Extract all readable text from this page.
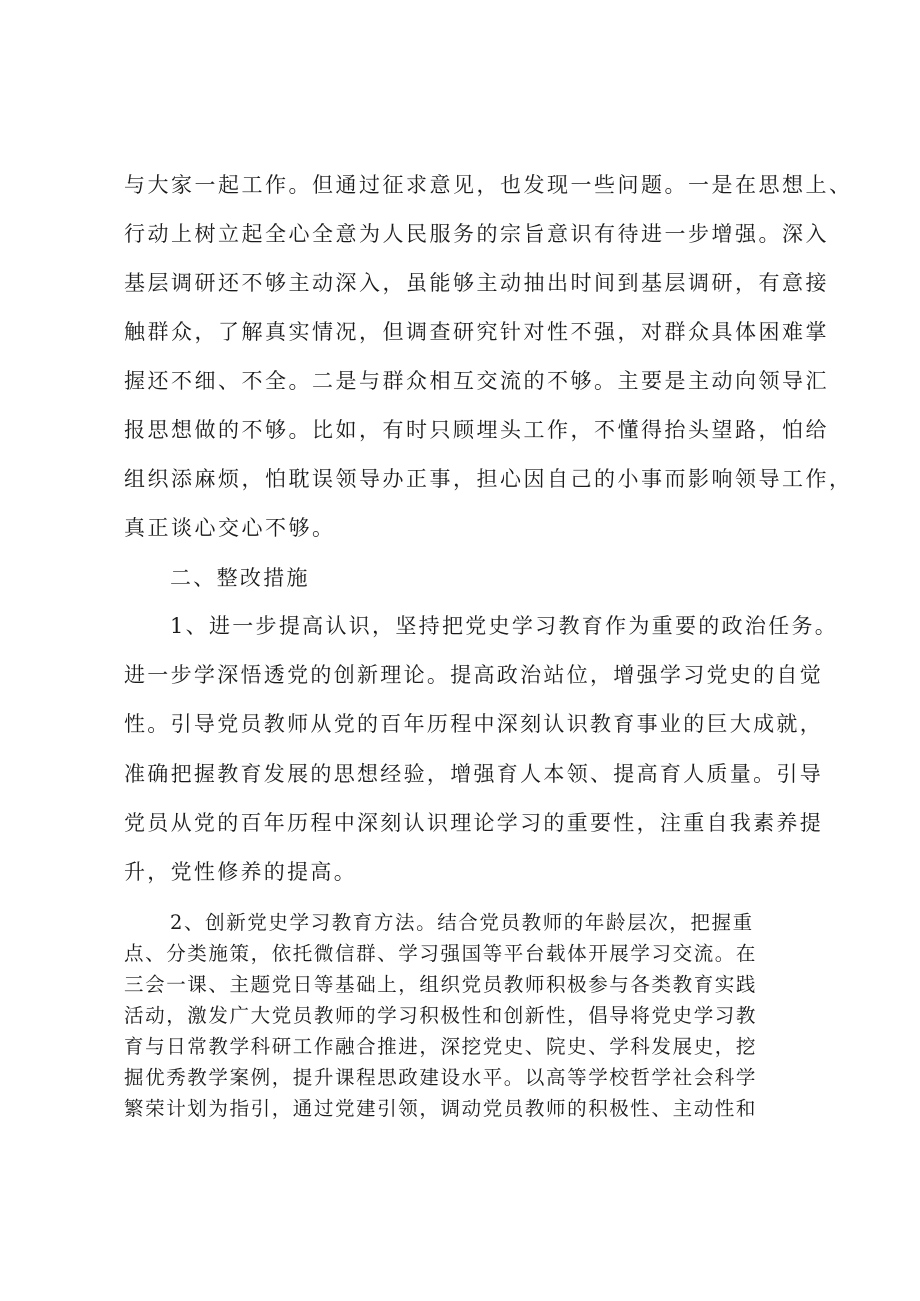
与大家一起工作。但通过征求意见，也发现一些问题。一是在思想上、
行动上树立起全心全意为人民服务的宗旨意识有待进一步增强。深入
基层调研还不够主动深入，虽能够主动抽出时间到基层调研，有意接
触群众，了解真实情况，但调查研究针对性不强，对群众具体困难掌
握还不细、不全。二是与群众相互交流的不够。主要是主动向领导汇
报思想做的不够。比如，有时只顾埋头工作，不懂得抬头望路，怕给
组织添麻烦，怕耽误领导办正事，担心因自己的小事而影响领导工作，
真正谈心交心不够。
二、整改措施
1、进一步提高认识，坚持把党史学习教育作为重要的政治任务。
进一步学深悟透党的创新理论。提高政治站位，增强学习党史的自觉
性。引导党员教师从党的百年历程中深刻认识教育事业的巨大成就，
准确把握教育发展的思想经验，增强育人本领、提高育人质量。引导
党员从党的百年历程中深刻认识理论学习的重要性，注重自我素养提
升，党性修养的提高。
2、创新党史学习教育方法。结合党员教师的年龄层次，把握重
点、分类施策，依托微信群、学习强国等平台载体开展学习交流。在
三会一课、主题党日等基础上，组织党员教师积极参与各类教育实践
活动，激发广大党员教师的学习积极性和创新性，倡导将党史学习教
育与日常教学科研工作融合推进，深挖党史、院史、学科发展史，挖
掘优秀教学案例，提升课程思政建设水平。以高等学校哲学社会科学
繁荣计划为指引，通过党建引领，调动党员教师的积极性、主动性和
